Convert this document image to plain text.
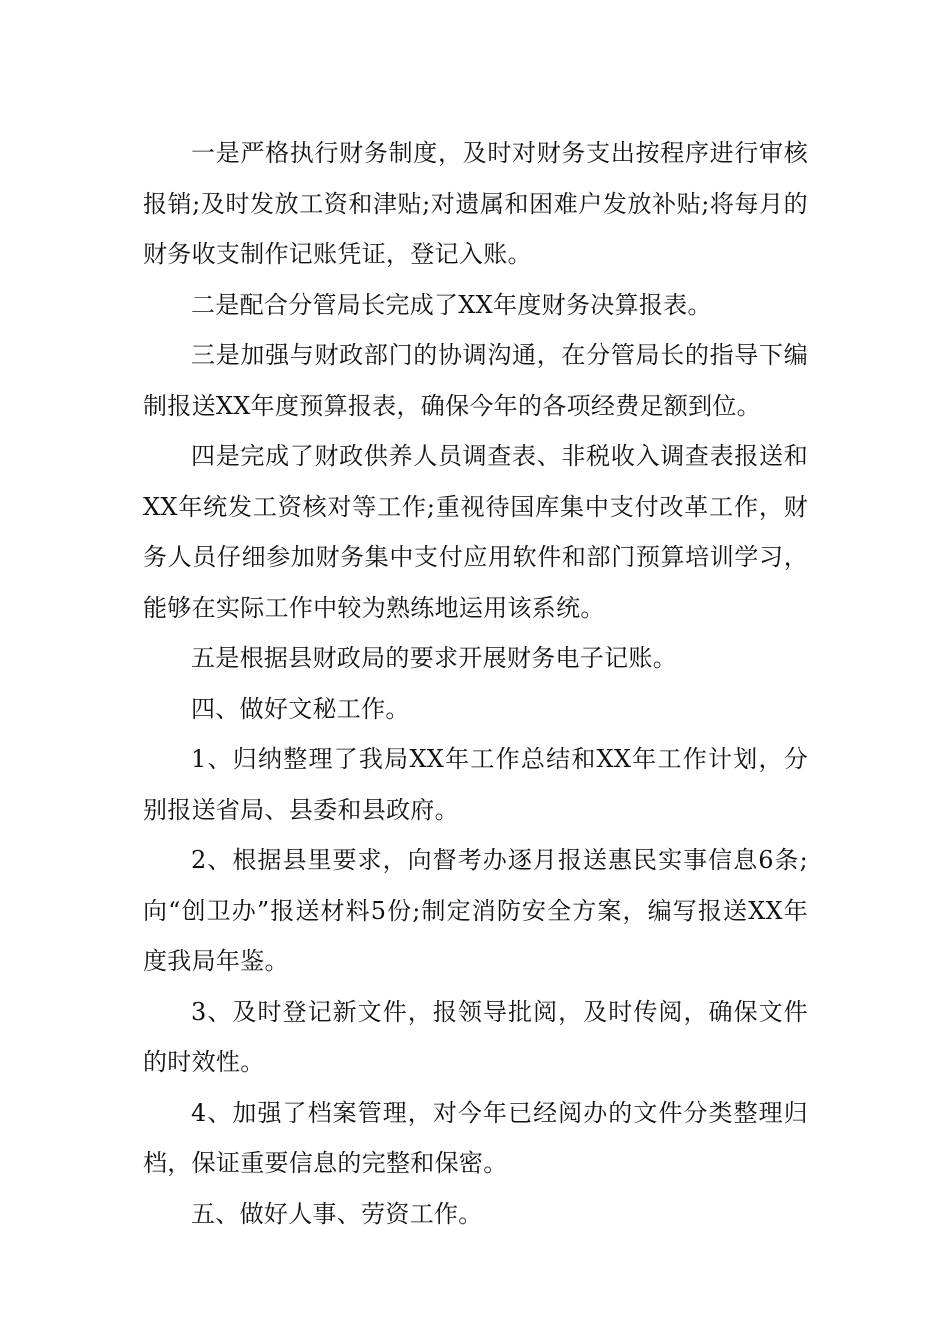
一是严格执行财务制度，及时对财务支出按程序进行审核报销;及时发放工资和津贴;对遗属和困难户发放补贴;将每月的财务收支制作记账凭证，登记入账。

二是配合分管局长完成了XX年度财务决算报表。

三是加强与财政部门的协调沟通，在分管局长的指导下编制报送XX年度预算报表，确保今年的各项经费足额到位。

四是完成了财政供养人员调查表、非税收入调查表报送和XX年统发工资核对等工作;重视待国库集中支付改革工作，财务人员仔细参加财务集中支付应用软件和部门预算培训学习，能够在实际工作中较为熟练地运用该系统。

五是根据县财政局的要求开展财务电子记账。

四、做好文秘工作。

1、归纳整理了我局XX年工作总结和XX年工作计划，分别报送省局、县委和县政府。

2、根据县里要求，向督考办逐月报送惠民实事信息6条;向“创卫办”报送材料5份;制定消防安全方案，编写报送XX年度我局年鉴。

3、及时登记新文件，报领导批阅，及时传阅，确保文件的时效性。

4、加强了档案管理，对今年已经阅办的文件分类整理归档，保证重要信息的完整和保密。

五、做好人事、劳资工作。
